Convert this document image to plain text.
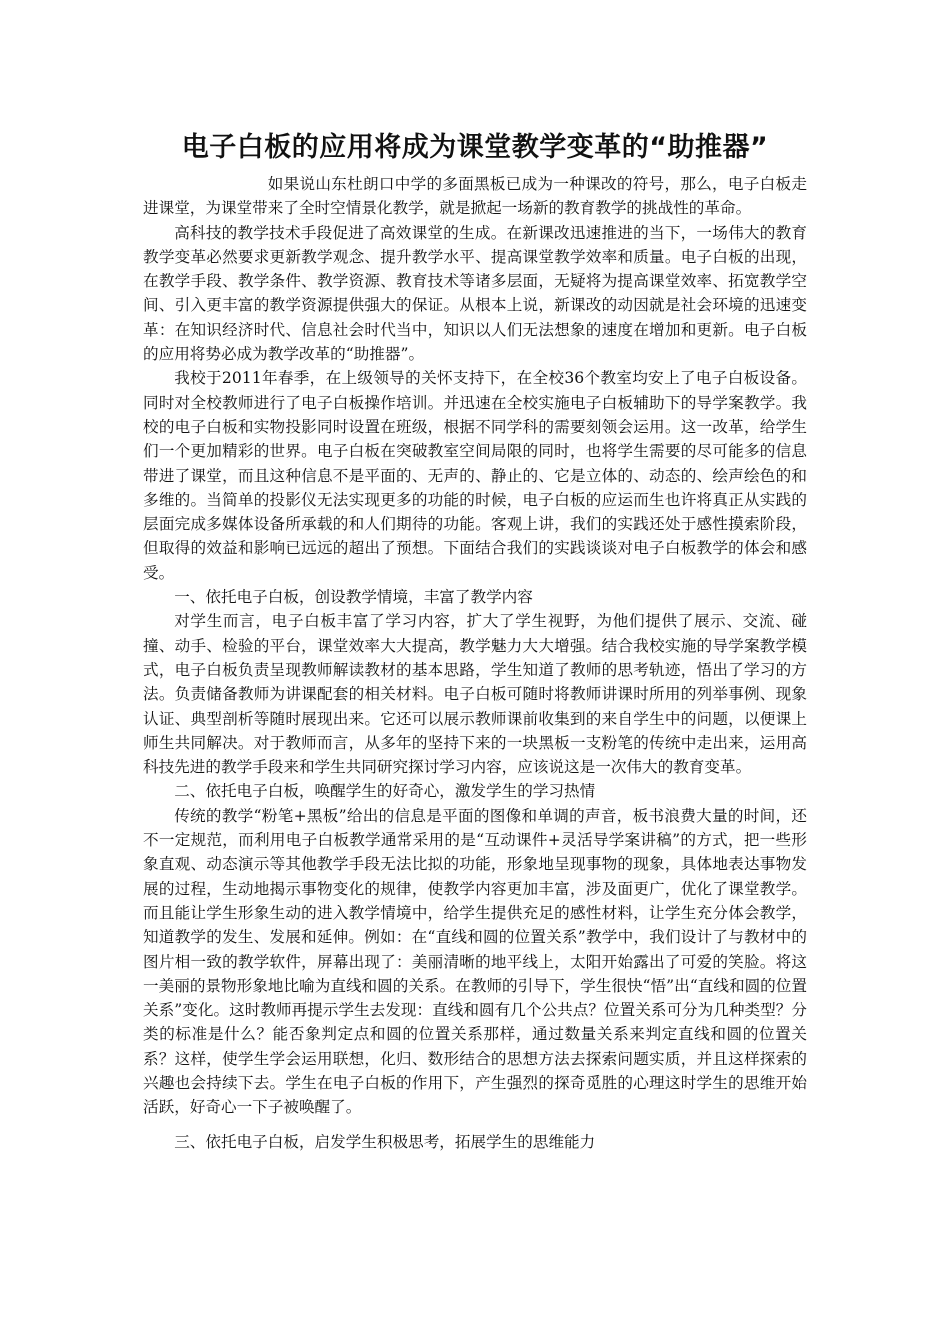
电子白板的应用将成为课堂教学变革的“助推器”

如果说山东杜朗口中学的多面黑板已成为一种课改的符号，那么，电子白板走进课堂，为课堂带来了全时空情景化教学，就是掀起一场新的教育教学的挑战性的革命。

高科技的教学技术手段促进了高效课堂的生成。在新课改迅速推进的当下，一场伟大的教育教学变革必然要求更新教学观念、提升教学水平、提高课堂教学效率和质量。电子白板的出现，在教学手段、教学条件、教学资源、教育技术等诸多层面，无疑将为提高课堂效率、拓宽教学空间、引入更丰富的教学资源提供强大的保证。从根本上说，新课改的动因就是社会环境的迅速变革：在知识经济时代、信息社会时代当中，知识以人们无法想象的速度在增加和更新。电子白板的应用将势必成为教学改革的“助推器”。

我校于2011年春季，在上级领导的关怀支持下，在全校36个教室均安上了电子白板设备。同时对全校教师进行了电子白板操作培训。并迅速在全校实施电子白板辅助下的导学案教学。我校的电子白板和实物投影同时设置在班级，根据不同学科的需要刻领会运用。这一改革，给学生们一个更加精彩的世界。电子白板在突破教室空间局限的同时，也将学生需要的尽可能多的信息带进了课堂，而且这种信息不是平面的、无声的、静止的、它是立体的、动态的、绘声绘色的和多维的。当简单的投影仪无法实现更多的功能的时候，电子白板的应运而生也许将真正从实践的层面完成多媒体设备所承载的和人们期待的功能。客观上讲，我们的实践还处于感性摸索阶段，但取得的效益和影响已远远的超出了预想。下面结合我们的实践谈谈对电子白板教学的体会和感受。

一、依托电子白板，创设教学情境，丰富了教学内容

对学生而言，电子白板丰富了学习内容，扩大了学生视野，为他们提供了展示、交流、碰撞、动手、检验的平台，课堂效率大大提高，教学魅力大大增强。结合我校实施的导学案教学模式，电子白板负责呈现教师解读教材的基本思路，学生知道了教师的思考轨迹，悟出了学习的方法。负责储备教师为讲课配套的相关材料。电子白板可随时将教师讲课时所用的列举事例、现象认证、典型剖析等随时展现出来。它还可以展示教师课前收集到的来自学生中的问题，以便课上师生共同解决。对于教师而言，从多年的坚持下来的一块黑板一支粉笔的传统中走出来，运用高科技先进的教学手段来和学生共同研究探讨学习内容，应该说这是一次伟大的教育变革。

二、依托电子白板，唤醒学生的好奇心，激发学生的学习热情

传统的教学“粉笔+黑板”给出的信息是平面的图像和单调的声音，板书浪费大量的时间，还不一定规范，而利用电子白板教学通常采用的是“互动课件+灵活导学案讲稿”的方式，把一些形象直观、动态演示等其他教学手段无法比拟的功能，形象地呈现事物的现象，具体地表达事物发展的过程，生动地揭示事物变化的规律，使教学内容更加丰富，涉及面更广，优化了课堂教学。而且能让学生形象生动的进入教学情境中，给学生提供充足的感性材料，让学生充分体会教学，知道教学的发生、发展和延伸。例如：在“直线和圆的位置关系”教学中，我们设计了与教材中的图片相一致的教学软件，屏幕出现了：美丽清晰的地平线上，太阳开始露出了可爱的笑脸。将这一美丽的景物形象地比喻为直线和圆的关系。在教师的引导下，学生很快“悟”出“直线和圆的位置关系”变化。这时教师再提示学生去发现：直线和圆有几个公共点？位置关系可分为几种类型？分类的标准是什么？能否象判定点和圆的位置关系那样，通过数量关系来判定直线和圆的位置关系？这样，使学生学会运用联想，化归、数形结合的思想方法去探索问题实质，并且这样探索的兴趣也会持续下去。学生在电子白板的作用下，产生强烈的探奇觅胜的心理这时学生的思维开始活跃，好奇心一下子被唤醒了。

三、依托电子白板，启发学生积极思考，拓展学生的思维能力
